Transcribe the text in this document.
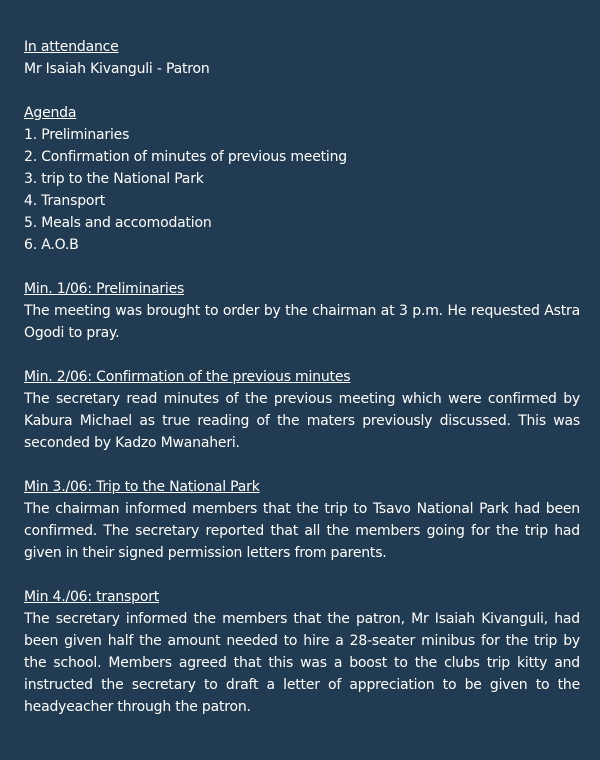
In attendance
Mr Isaiah Kivanguli - Patron
Agenda
1. Preliminaries
2. Confirmation of minutes of previous meeting
3. trip to the National Park
4. Transport
5. Meals and accomodation
6. A.O.B
Min. 1/06: Preliminaries
The meeting was brought to order by the chairman at 3 p.m. He requested Astra Ogodi to pray.
Min. 2/06: Confirmation of the previous minutes
The secretary read minutes of the previous meeting which were confirmed by Kabura Michael as true reading of the maters previously discussed. This was seconded by Kadzo Mwanaheri.
Min 3./06: Trip to the National Park
The chairman informed members that the trip to Tsavo National Park had been confirmed. The secretary reported that all the members going for the trip had given in their signed permission letters from parents.
Min 4./06: transport
The secretary informed the members that the patron, Mr Isaiah Kivanguli, had been given half the amount needed to hire a 28-seater minibus for the trip by the school. Members agreed that this was a boost to the clubs trip kitty and instructed the secretary to draft a letter of appreciation to be given to the headyeacher through the patron.
